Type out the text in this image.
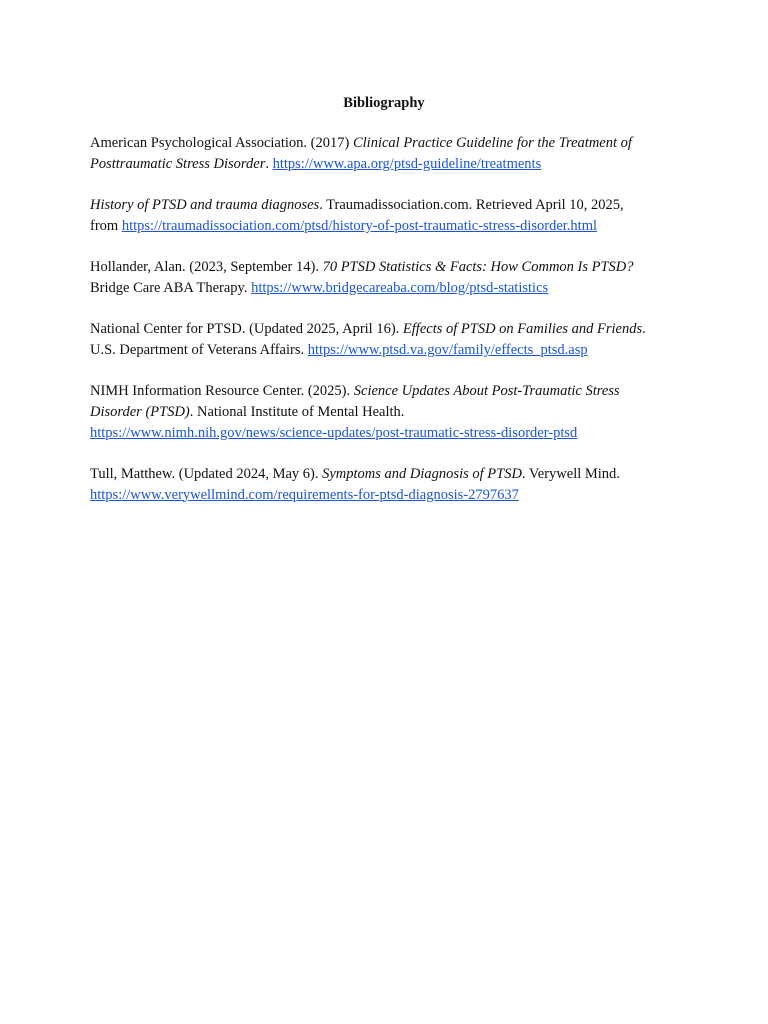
Bibliography

American Psychological Association. (2017) Clinical Practice Guideline for the Treatment of
Posttraumatic Stress Disorder. https://www.apa.org/ptsd-guideline/treatments

History of PTSD and trauma diagnoses. Traumadissociation.com. Retrieved April 10, 2025,
from https://traumadissociation.com/ptsd/history-of-post-traumatic-stress-disorder.html

Hollander, Alan. (2023, September 14). 70 PTSD Statistics & Facts: How Common Is PTSD?
Bridge Care ABA Therapy. https://www.bridgecareaba.com/blog/ptsd-statistics

National Center for PTSD. (Updated 2025, April 16). Effects of PTSD on Families and Friends.
U.S. Department of Veterans Affairs. https://www.ptsd.va.gov/family/effects_ptsd.asp

NIMH Information Resource Center. (2025). Science Updates About Post-Traumatic Stress
Disorder (PTSD). National Institute of Mental Health.
https://www.nimh.nih.gov/news/science-updates/post-traumatic-stress-disorder-ptsd

Tull, Matthew. (Updated 2024, May 6). Symptoms and Diagnosis of PTSD. Verywell Mind.
https://www.verywellmind.com/requirements-for-ptsd-diagnosis-2797637
